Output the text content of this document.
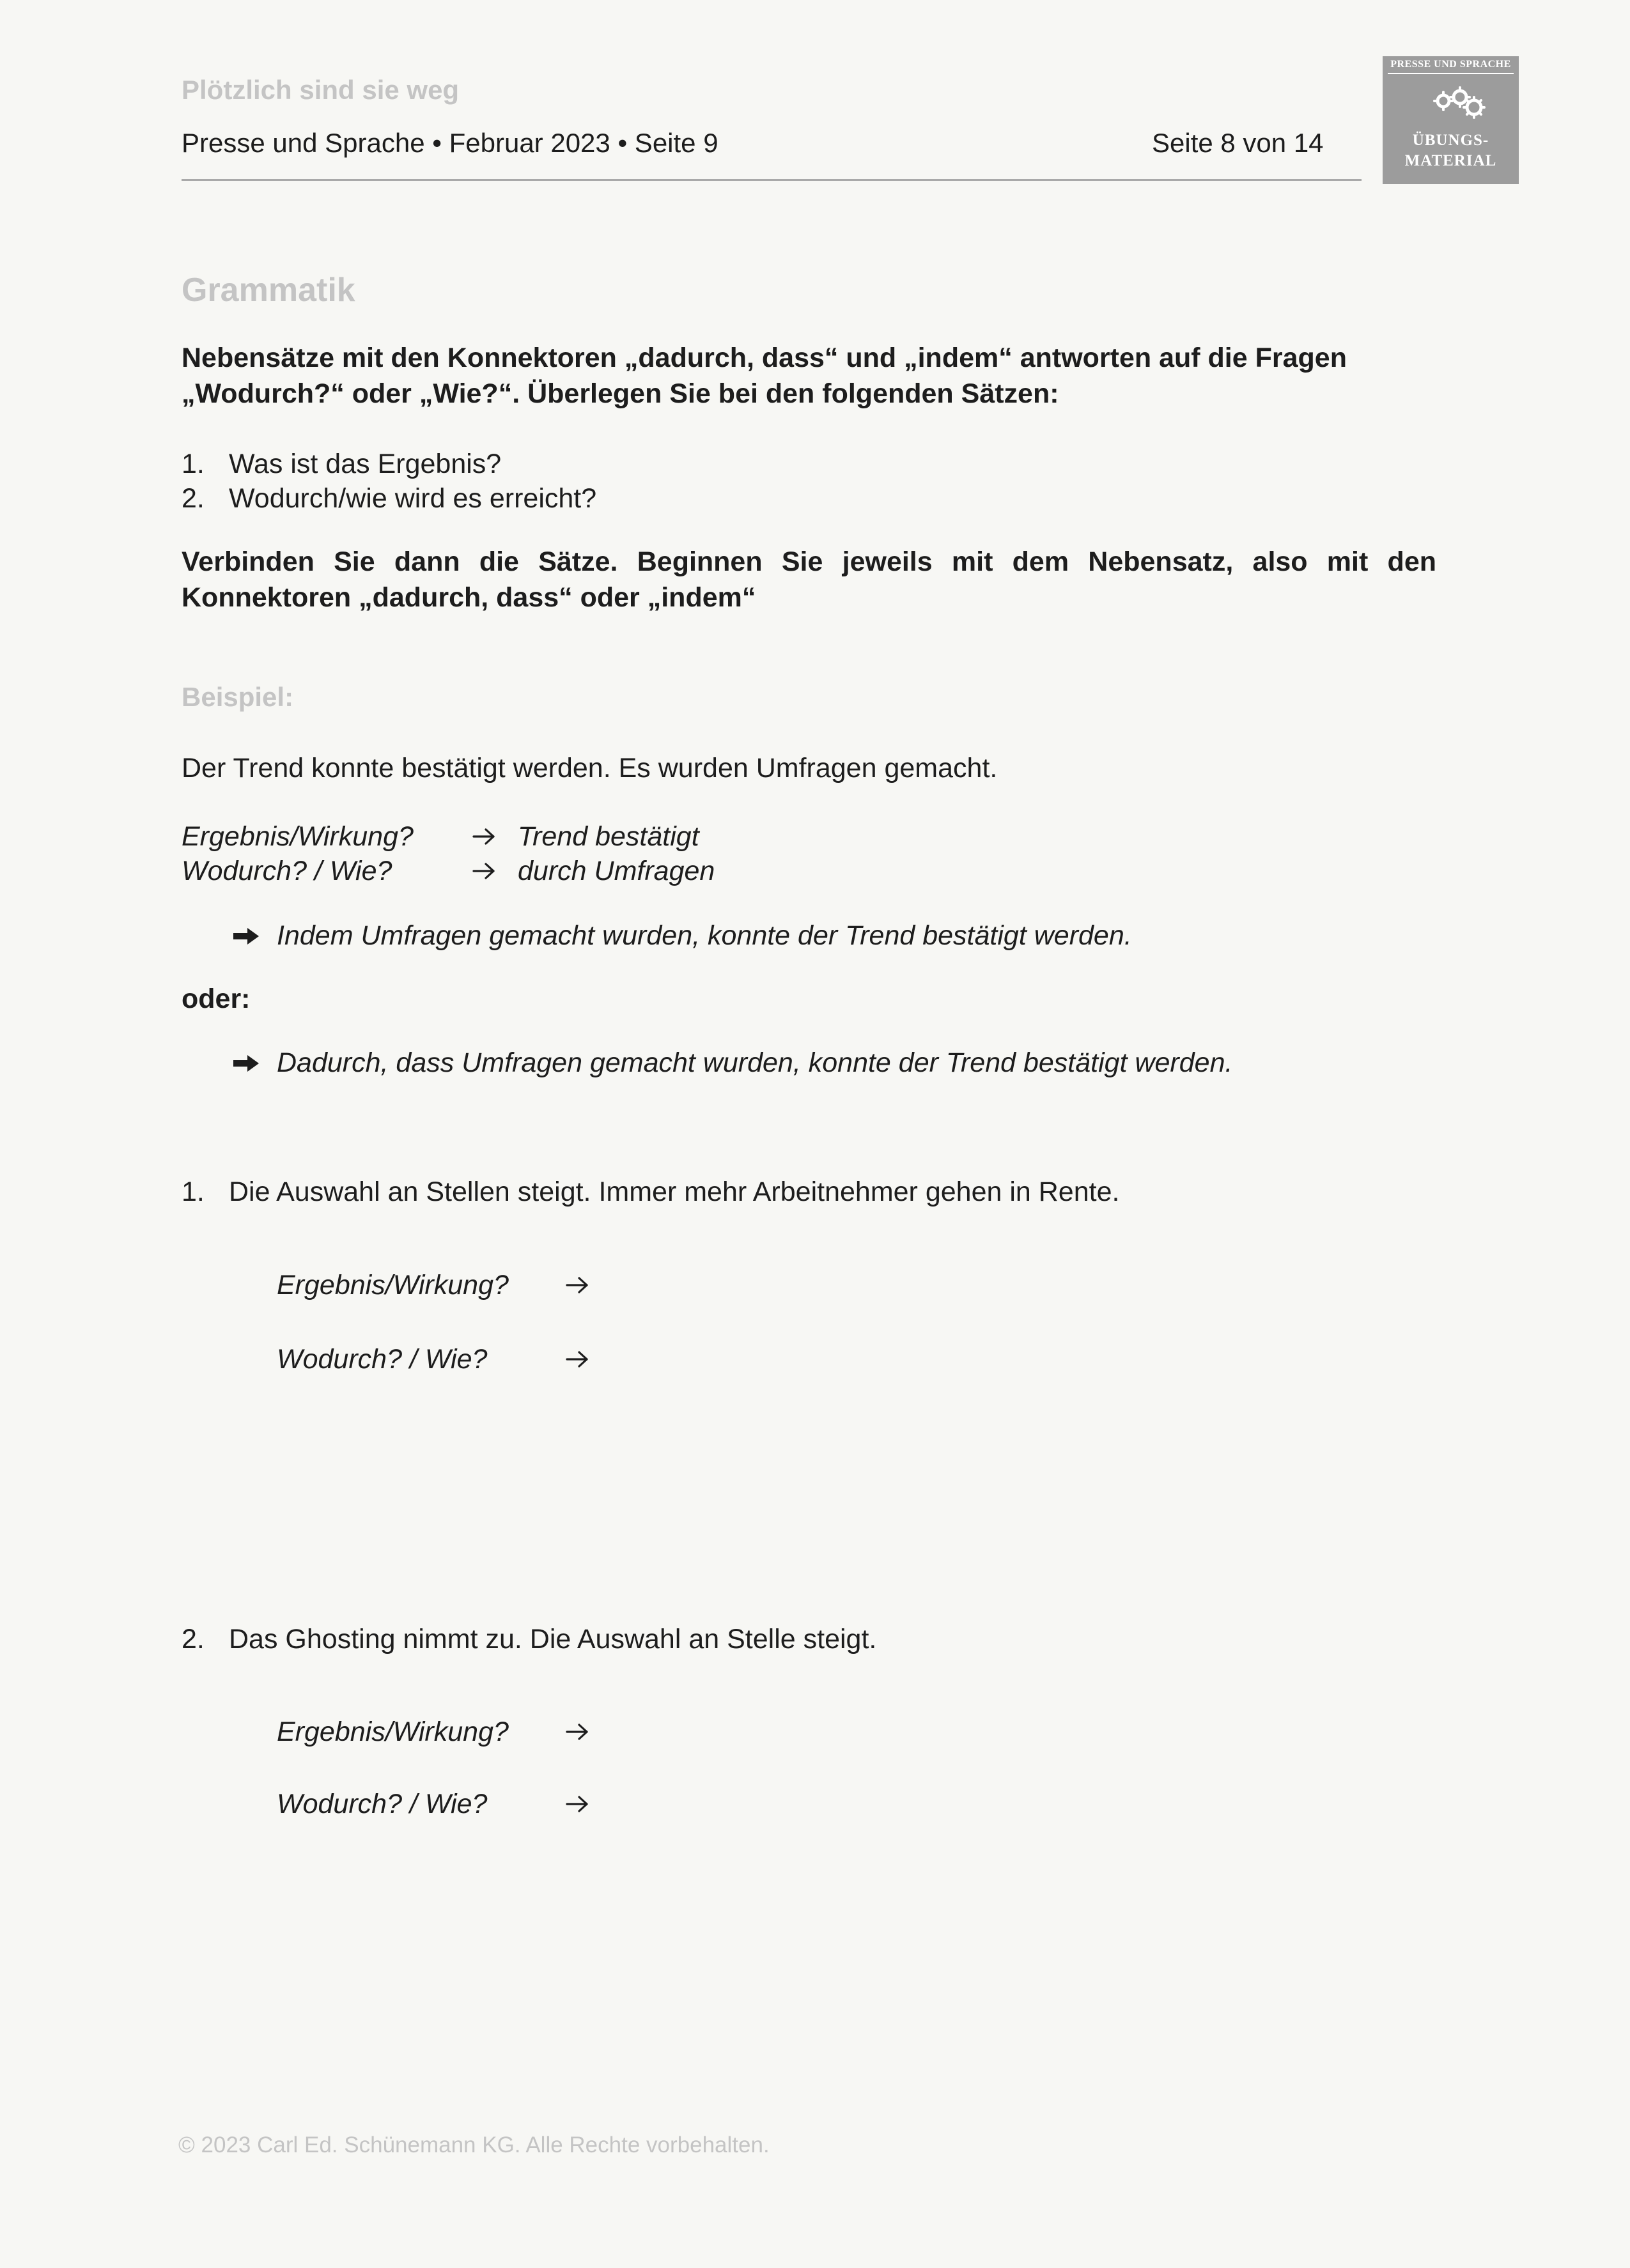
Plötzlich sind sie weg
Presse und Sprache • Februar 2023 • Seite 9	Seite 8 von 14
PRESSE UND SPRACHE
ÜBUNGS-
MATERIAL
Grammatik
Nebensätze mit den Konnektoren „dadurch, dass“ und „indem“ antworten auf die Fragen „Wodurch?“ oder „Wie?“. Überlegen Sie bei den folgenden Sätzen:
1. Was ist das Ergebnis?
2. Wodurch/wie wird es erreicht?
Verbinden Sie dann die Sätze. Beginnen Sie jeweils mit dem Nebensatz, also mit den
Konnektoren „dadurch, dass“ oder „indem“
Beispiel:
Der Trend konnte bestätigt werden. Es wurden Umfragen gemacht.
Ergebnis/Wirkung?	Trend bestätigt
Wodurch? / Wie?	durch Umfragen
Indem Umfragen gemacht wurden, konnte der Trend bestätigt werden.
oder:
Dadurch, dass Umfragen gemacht wurden, konnte der Trend bestätigt werden.
1. Die Auswahl an Stellen steigt. Immer mehr Arbeitnehmer gehen in Rente.
Ergebnis/Wirkung?
Wodurch? / Wie?
2. Das Ghosting nimmt zu. Die Auswahl an Stelle steigt.
Ergebnis/Wirkung?
Wodurch? / Wie?
© 2023 Carl Ed. Schünemann KG. Alle Rechte vorbehalten.
